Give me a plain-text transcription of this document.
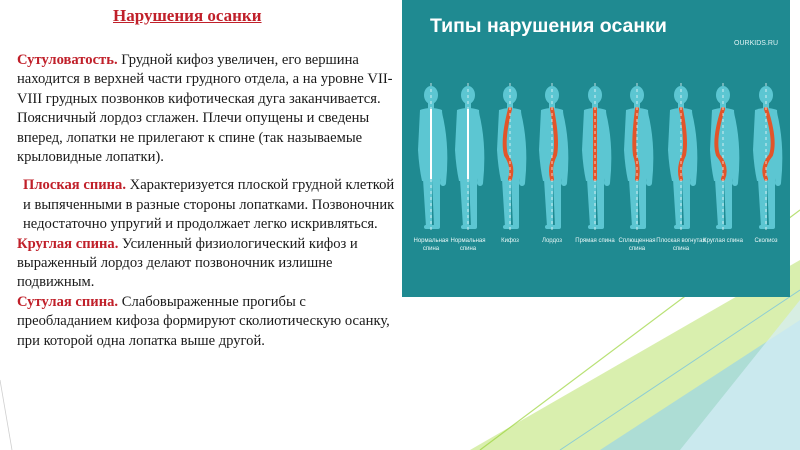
Нарушения осанки

Сутуловатость. Грудной кифоз увеличен, его вершина находится в верхней части грудного отдела, а на уровне VII-VIII грудных позвонков кифотическая дуга заканчивается. Поясничный лордоз сглажен. Плечи опущены и сведены вперед, лопатки не прилегают к спине (так называемые крыловидные лопатки).

Плоская спина. Характеризуется плоской грудной клеткой и выпяченными в разные стороны лопатками. Позвоночник недостаточно упругий и продолжает легко искривляться.

Круглая спина. Усиленный физиологический кифоз и выраженный лордоз делают позвоночник излишне подвижным.

Сутулая спина. Слабовыраженные прогибы с преобладанием кифоза формируют сколиотическую осанку, при которой одна лопатка выше другой.

Типы нарушения осанки
OURKIDS.RU
Нормальная спина
Нормальная спина
Кифоз	Лордоз	Прямая спина Сплющенная спина
Плоская вогнутая спина
Круглая спина	Сколиоз
